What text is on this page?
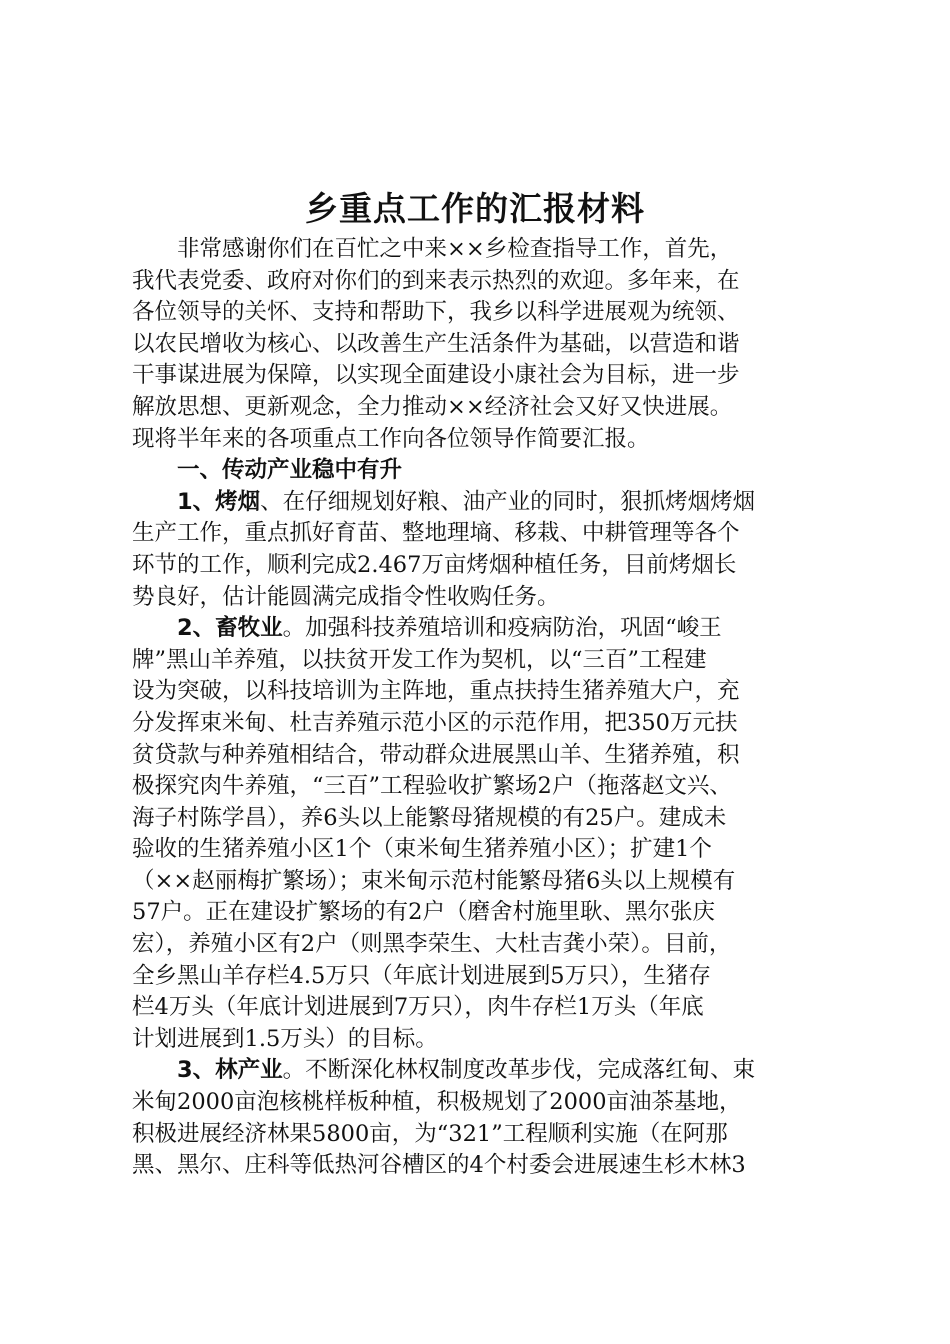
乡重点工作的汇报材料
非常感谢你们在百忙之中来××乡检查指导工作，首先，
我代表党委、政府对你们的到来表示热烈的欢迎。多年来，在
各位领导的关怀、支持和帮助下，我乡以科学进展观为统领、
以农民增收为核心、以改善生产生活条件为基础，以营造和谐
干事谋进展为保障，以实现全面建设小康社会为目标，进一步
解放思想、更新观念，全力推动××经济社会又好又快进展。
现将半年来的各项重点工作向各位领导作简要汇报。
一、传动产业稳中有升
1、烤烟、在仔细规划好粮、油产业的同时，狠抓烤烟烤烟
生产工作，重点抓好育苗、整地理墒、移栽、中耕管理等各个
环节的工作，顺利完成2.467万亩烤烟种植任务，目前烤烟长
势良好，估计能圆满完成指令性收购任务。
2、畜牧业。加强科技养殖培训和疫病防治，巩固“峻王
牌”黑山羊养殖，以扶贫开发工作为契机，以“三百”工程建
设为突破，以科技培训为主阵地，重点扶持生猪养殖大户，充
分发挥束米甸、杜吉养殖示范小区的示范作用，把350万元扶
贫贷款与种养殖相结合，带动群众进展黑山羊、生猪养殖，积
极探究肉牛养殖，“三百”工程验收扩繁场2户（拖落赵文兴、
海子村陈学昌），养6头以上能繁母猪规模的有25户。建成未
验收的生猪养殖小区1个（束米甸生猪养殖小区）；扩建1个
（××赵丽梅扩繁场）；束米甸示范村能繁母猪6头以上规模有
57户。正在建设扩繁场的有2户（磨舍村施里耿、黑尔张庆
宏），养殖小区有2户（则黑李荣生、大杜吉龚小荣）。目前，
全乡黑山羊存栏4.5万只（年底计划进展到5万只），生猪存
栏4万头（年底计划进展到7万只），肉牛存栏1万头（年底
计划进展到1.5万头）的目标。
3、林产业。不断深化林权制度改革步伐，完成落红甸、束
米甸2000亩泡核桃样板种植，积极规划了2000亩油茶基地，
积极进展经济林果5800亩，为“321”工程顺利实施（在阿那
黑、黑尔、庄科等低热河谷槽区的4个村委会进展速生杉木林3
